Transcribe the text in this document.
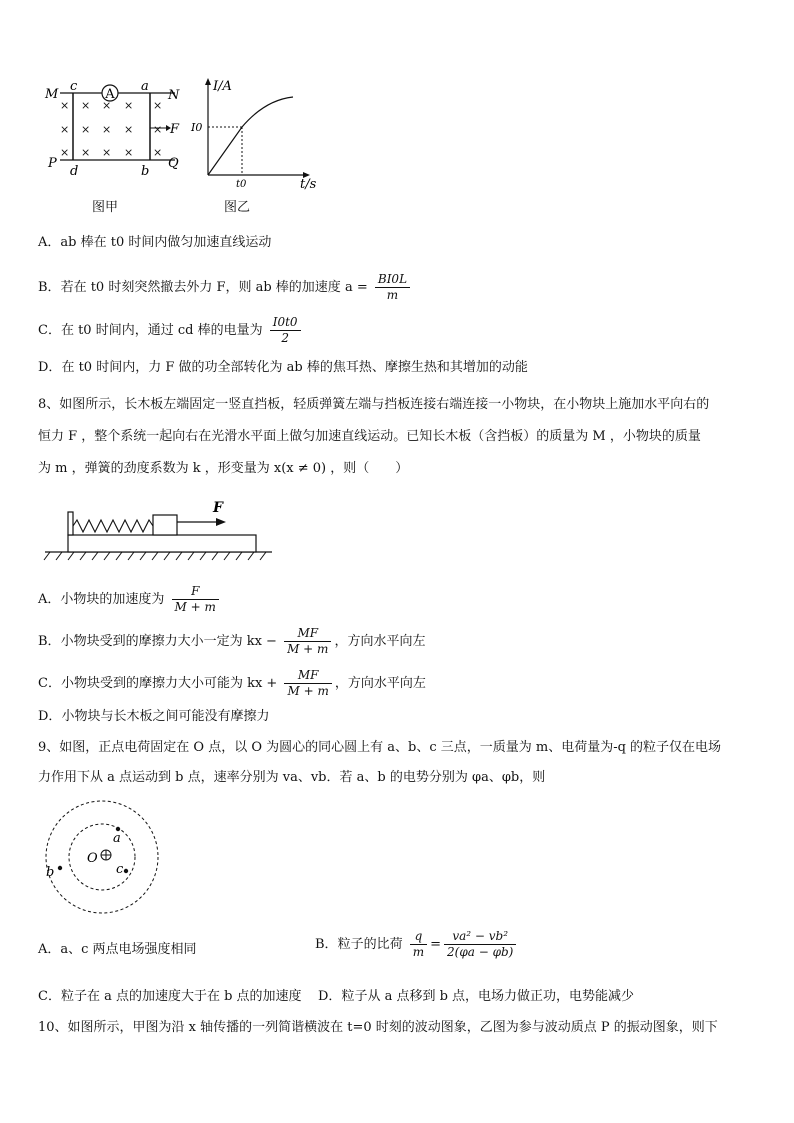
A
× × × × ×
× × × × ×
× × × × ×
M
c	a
N
F
P
d	b
Q
图甲
I/A
I0
t0	t/s
图乙
A．ab 棒在 t0 时间内做匀加速直线运动
B．若在 t0 时刻突然撤去外力 F，则 ab 棒的加速度 $a = \frac{BI0L}{m}$
C．在 t0 时间内，通过 cd 棒的电量为 $\frac{I0t0}{2}$
D．在 t0 时间内，力 F 做的功全部转化为 ab 棒的焦耳热、摩擦生热和其增加的动能
8、如图所示，长木板左端固定一竖直挡板，轻质弹簧左端与挡板连接右端连接一小物块，在小物块上施加水平向右的
恒力 F ，整个系统一起向右在光滑水平面上做匀加速直线运动。已知长木板（含挡板）的质量为 M ，小物块的质量
为 m ，弹簧的劲度系数为 k ，形变量为 x(x ≠ 0) ，则（　　）
F
A．小物块的加速度为 $\frac{F}{M + m}$
B．小物块受到的摩擦力大小一定为 kx − $\frac{MF}{M + m}$ ，方向水平向左
C．小物块受到的摩擦力大小可能为 kx + $\frac{MF}{M + m}$ ，方向水平向左
D．小物块与长木板之间可能没有摩擦力
9、如图，正点电荷固定在 O 点，以 O 为圆心的同心圆上有 a、b、c 三点，一质量为 m、电荷量为-q 的粒子仅在电场
力作用下从 a 点运动到 b 点，速率分别为 va、vb．若 a、b 的电势分别为 φa、φb，则
O
a
b	c
A．a、c 两点电场强度相同	B．粒子的比荷 $\frac{q}{m} = \frac{\text{va² − vb²}}{2(\varphi a - \varphi b)}$
C．粒子在 a 点的加速度大于在 b 点的加速度 D．粒子从 a 点移到 b 点，电场力做正功，电势能减少
10、如图所示，甲图为沿 x 轴传播的一列简谐横波在 t=0 时刻的波动图象，乙图为参与波动质点 P 的振动图象，则下
